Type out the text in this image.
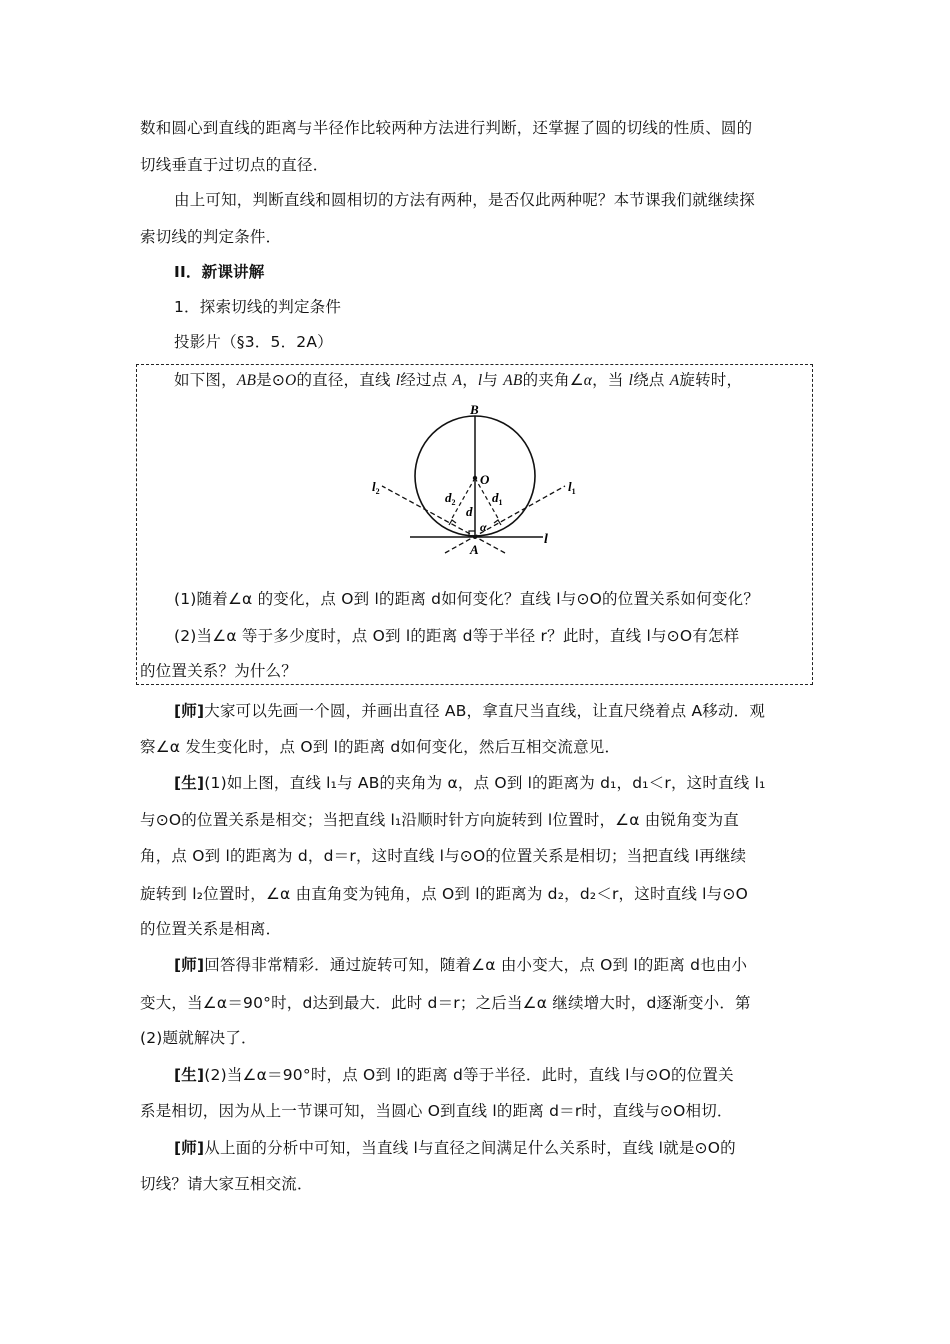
数和圆心到直线的距离与半径作比较两种方法进行判断，还掌握了圆的切线的性质、圆的
切线垂直于过切点的直径．
由上可知，判断直线和圆相切的方法有两种，是否仅此两种呢？本节课我们就继续探
索切线的判定条件．
II．新课讲解
1．探索切线的判定条件
投影片（§3．5．2A）
如下图，AB是⊙O的直径，直线 l经过点 A，l与 AB的夹角∠α，当 l绕点 A旋转时，
B
O
A
l
$l_1$
$l_2$
d
$d_1$
$d_2$
α
(1)随着∠α 的变化，点 O到 l的距离 d如何变化？直线 l与⊙O的位置关系如何变化？
(2)当∠α 等于多少度时，点 O到 l的距离 d等于半径 r？此时，直线 l与⊙O有怎样
的位置关系？为什么？
[师]大家可以先画一个圆，并画出直径 AB，拿直尺当直线，让直尺绕着点 A移动．观
察∠α 发生变化时，点 O到 l的距离 d如何变化，然后互相交流意见．
[生](1)如上图，直线 l₁与 AB的夹角为 α，点 O到 l的距离为 d₁，d₁＜r，这时直线 l₁
与⊙O的位置关系是相交；当把直线 l₁沿顺时针方向旋转到 l位置时，∠α 由锐角变为直
角，点 O到 l的距离为 d，d＝r，这时直线 l与⊙O的位置关系是相切；当把直线 l再继续
旋转到 l₂位置时，∠α 由直角变为钝角，点 O到 l的距离为 d₂，d₂＜r，这时直线 l与⊙O
的位置关系是相离．
[师]回答得非常精彩．通过旋转可知，随着∠α 由小变大，点 O到 l的距离 d也由小
变大，当∠α＝90°时，d达到最大．此时 d＝r；之后当∠α 继续增大时，d逐渐变小．第
(2)题就解决了．
[生](2)当∠α＝90°时，点 O到 l的距离 d等于半径．此时，直线 l与⊙O的位置关
系是相切，因为从上一节课可知，当圆心 O到直线 l的距离 d＝r时，直线与⊙O相切．
[师]从上面的分析中可知，当直线 l与直径之间满足什么关系时，直线 l就是⊙O的
切线？请大家互相交流．
